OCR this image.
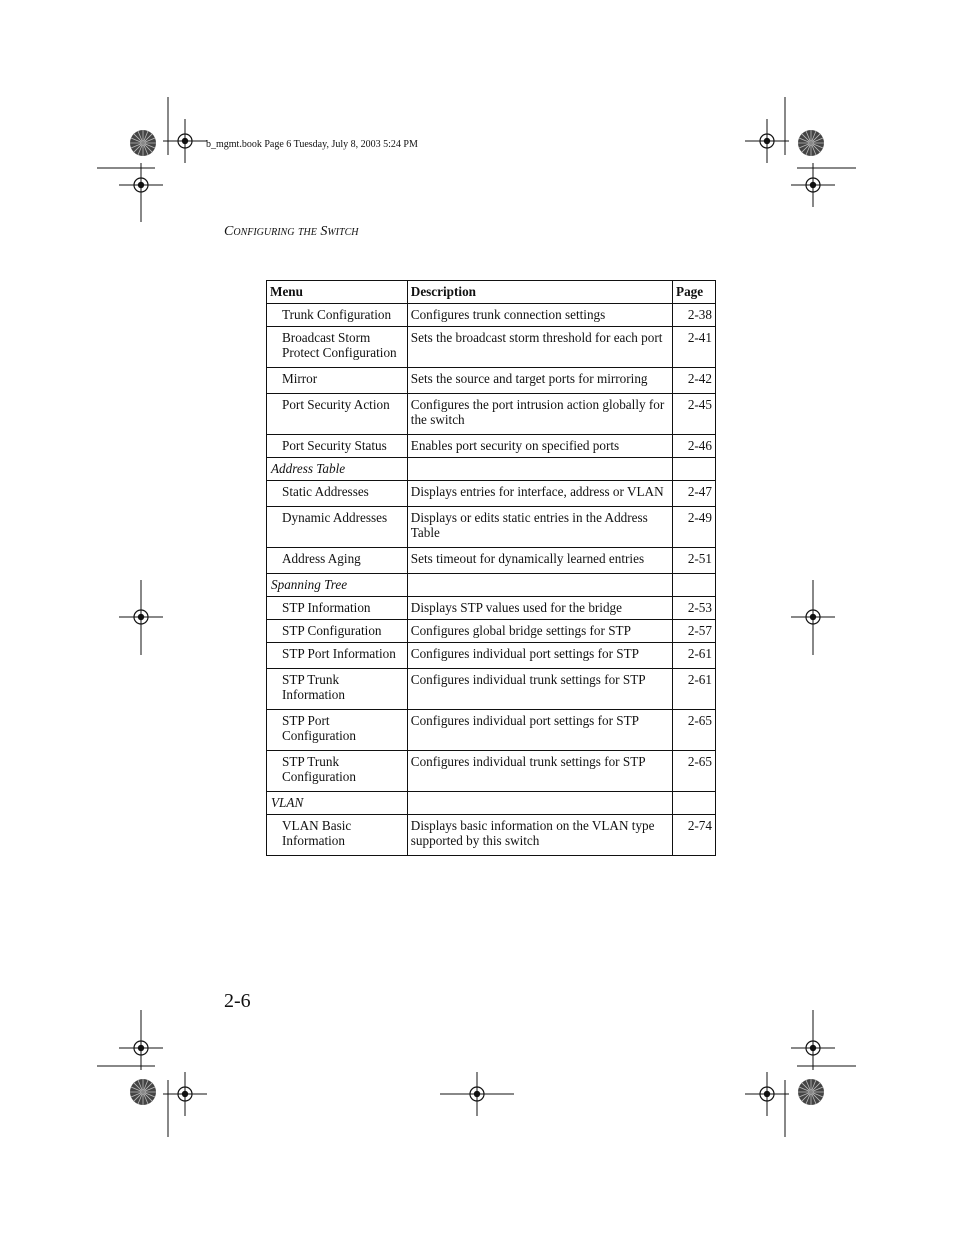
b_mgmt.book Page 6 Tuesday, July 8, 2003 5:24 PM
Configuring the Switch
Menu	Description	Page
Trunk Configuration	Configures trunk connection settings	2-38
Broadcast Storm Protect Configuration	Sets the broadcast storm threshold for each port	2-41
Mirror	Sets the source and target ports for mirroring	2-42
Port Security Action	Configures the port intrusion action globally for the switch	2-45
Port Security Status	Enables port security on specified ports	2-46
Address Table		
Static Addresses	Displays entries for interface, address or VLAN	2-47
Dynamic Addresses	Displays or edits static entries in the Address Table	2-49
Address Aging	Sets timeout for dynamically learned entries	2-51
Spanning Tree		
STP Information	Displays STP values used for the bridge	2-53
STP Configuration	Configures global bridge settings for STP	2-57
STP Port Information	Configures individual port settings for STP	2-61
STP Trunk Information	Configures individual trunk settings for STP	2-61
STP Port Configuration	Configures individual port settings for STP	2-65
STP Trunk Configuration	Configures individual trunk settings for STP	2-65
VLAN		
VLAN Basic Information	Displays basic information on the VLAN type supported by this switch	2-74
2-6
